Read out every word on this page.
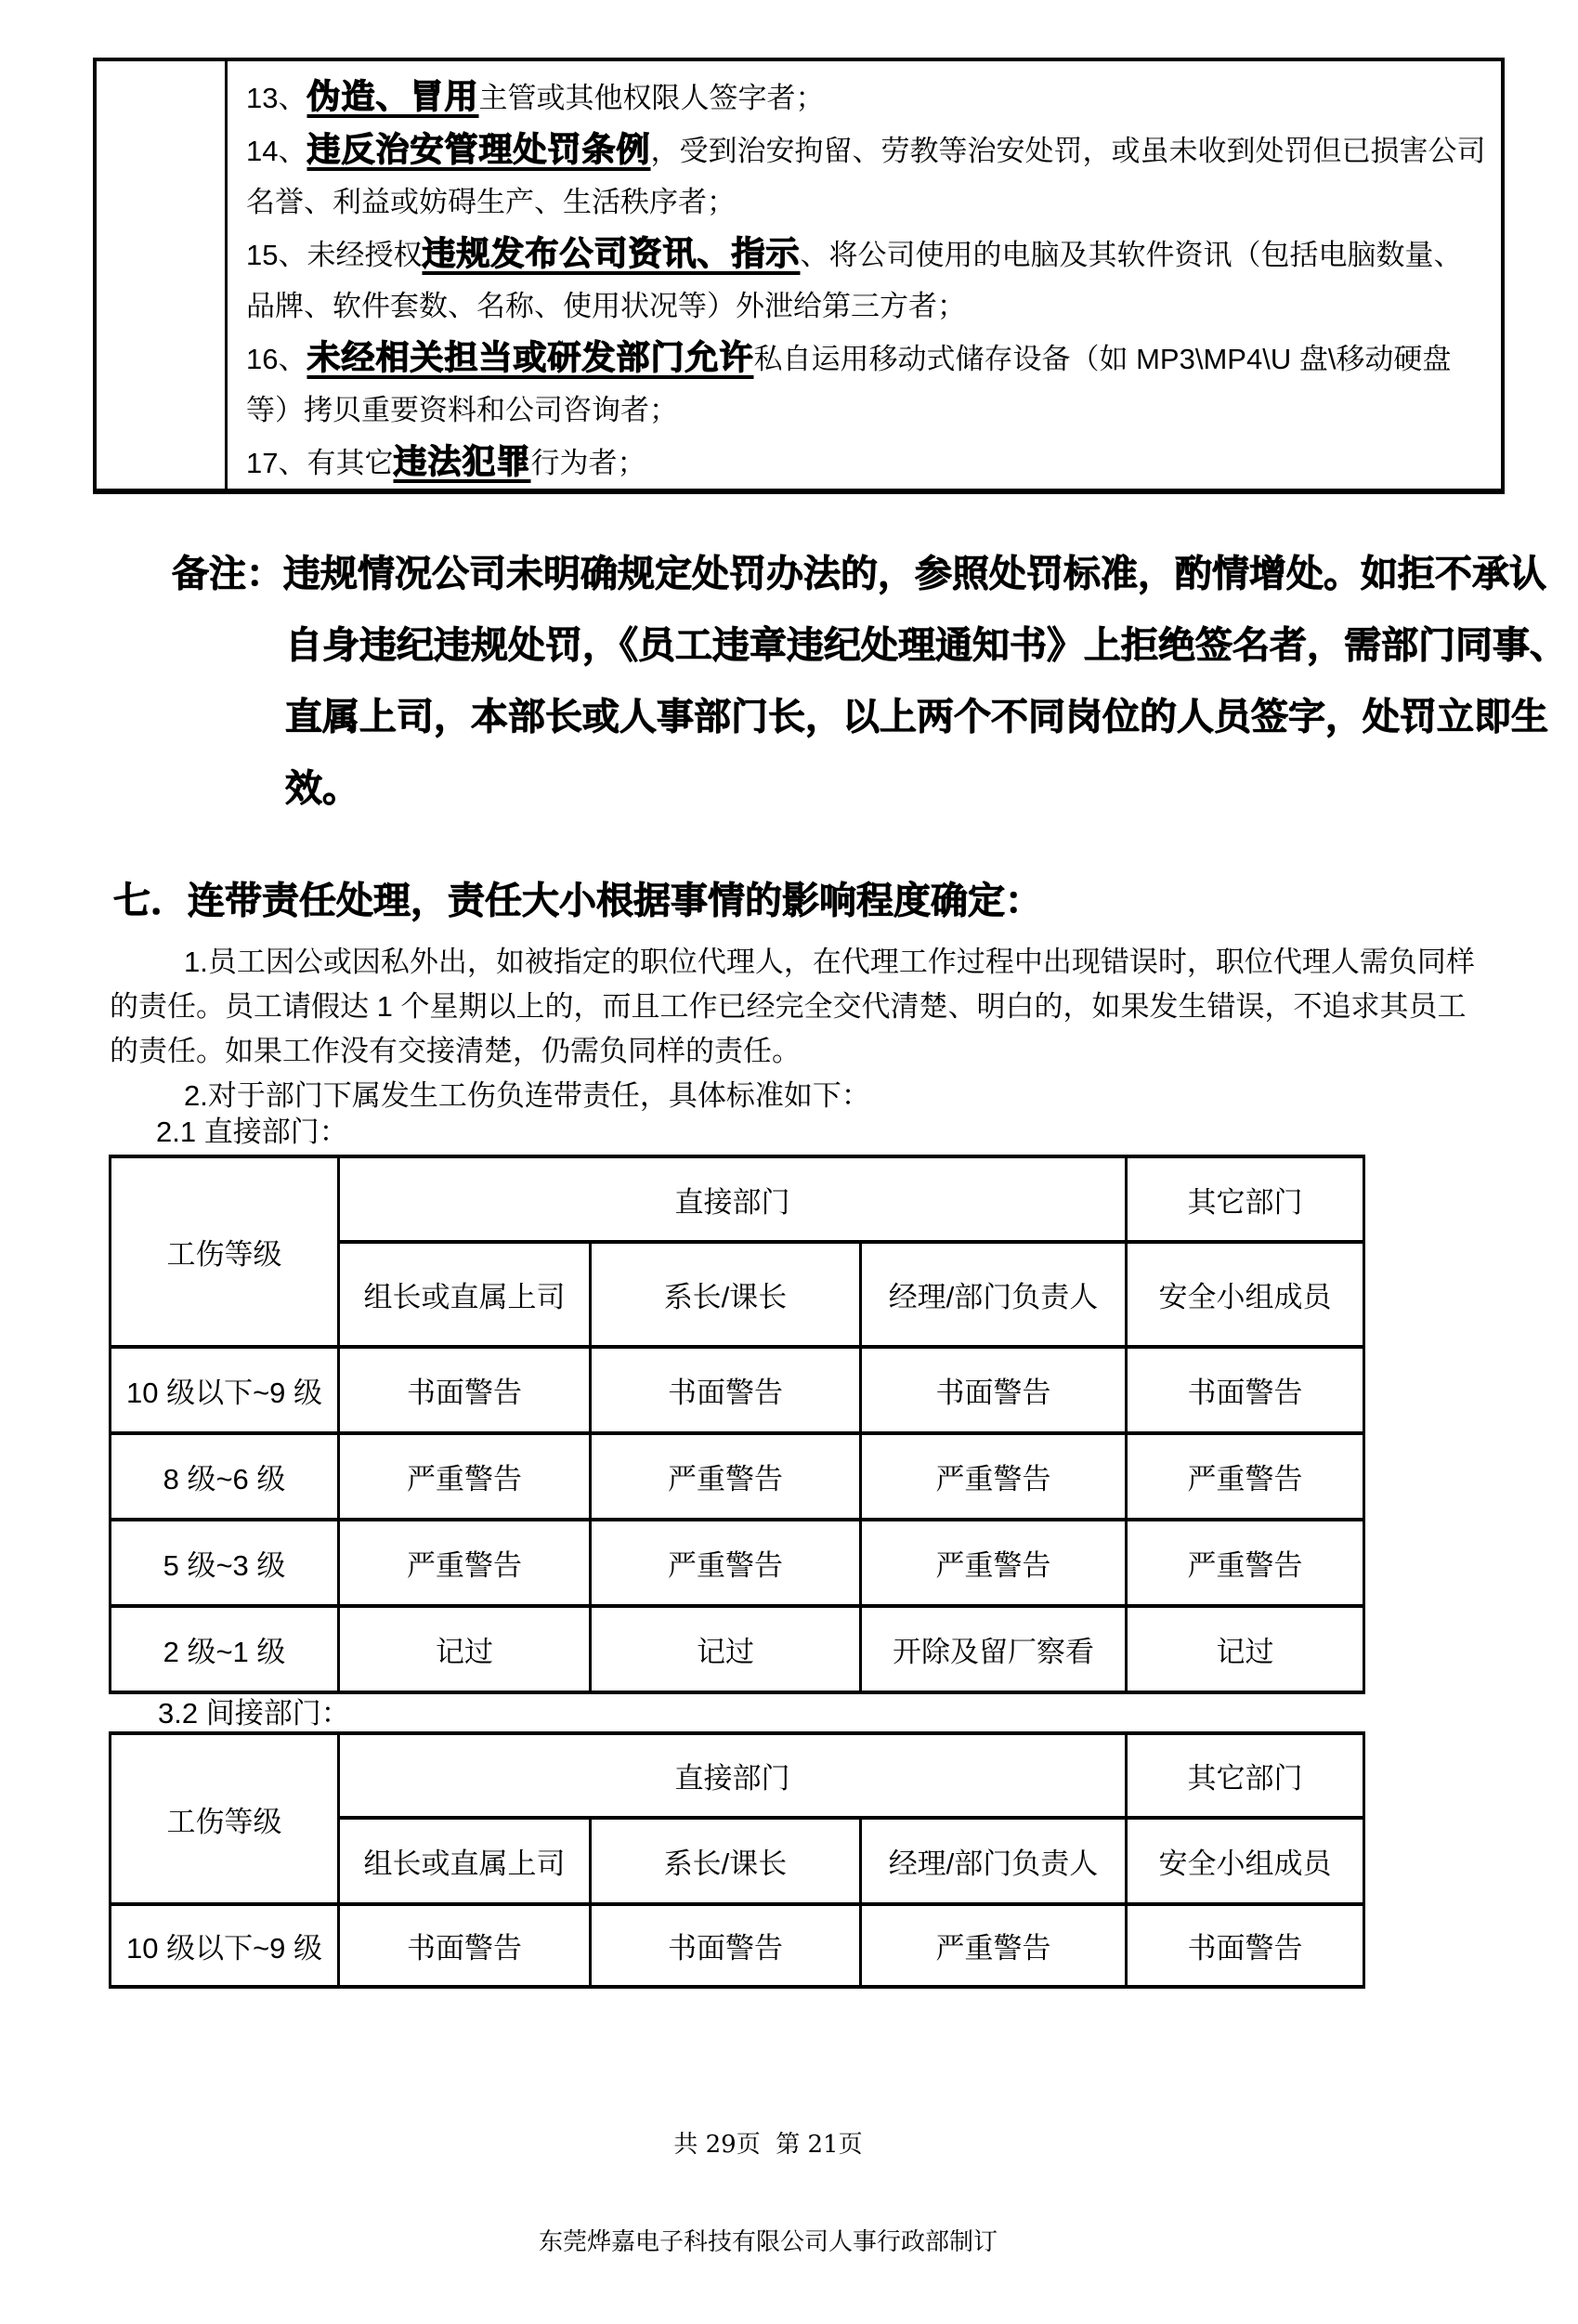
13、伪造、冒用主管或其他权限人签字者；

14、违反治安管理处罚条例，受到治安拘留、劳教等治安处罚，或虽未收到处罚但已损害公司名誉、利益或妨碍生产、生活秩序者；

15、未经授权违规发布公司资讯、指示、将公司使用的电脑及其软件资讯（包括电脑数量、品牌、软件套数、名称、使用状况等）外泄给第三方者；

16、未经相关担当或研发部门允许私自运用移动式储存设备（如 MP3\MP4\U 盘\移动硬盘等）拷贝重要资料和公司咨询者；

17、有其它违法犯罪行为者；

备注：违规情况公司未明确规定处罚办法的，参照处罚标准，酌情增处。如拒不承认自身违纪违规处罚，《员工违章违纪处理通知书》上拒绝签名者，需部门同事、直属上司，本部长或人事部门长，以上两个不同岗位的人员签字，处罚立即生效。

七．连带责任处理，责任大小根据事情的影响程度确定：

1.员工因公或因私外出，如被指定的职位代理人，在代理工作过程中出现错误时，职位代理人需负同样的责任。员工请假达 1 个星期以上的，而且工作已经完全交代清楚、明白的，如果发生错误，不追求其员工的责任。如果工作没有交接清楚，仍需负同样的责任。

2.对于部门下属发生工伤负连带责任，具体标准如下：

2.1 直接部门：

工伤等级	直接部门			其它部门
	组长或直属上司	系长/课长	经理/部门负责人	安全小组成员
10 级以下~9 级	书面警告	书面警告	书面警告	书面警告
8 级~6 级	严重警告	严重警告	严重警告	严重警告
5 级~3 级	严重警告	严重警告	严重警告	严重警告
2 级~1 级	记过	记过	开除及留厂察看	记过

3.2 间接部门：

工伤等级	直接部门			其它部门
	组长或直属上司	系长/课长	经理/部门负责人	安全小组成员
10 级以下~9 级	书面警告	书面警告	严重警告	书面警告

共 29页  第 21页

东莞烨嘉电子科技有限公司人事行政部制订
